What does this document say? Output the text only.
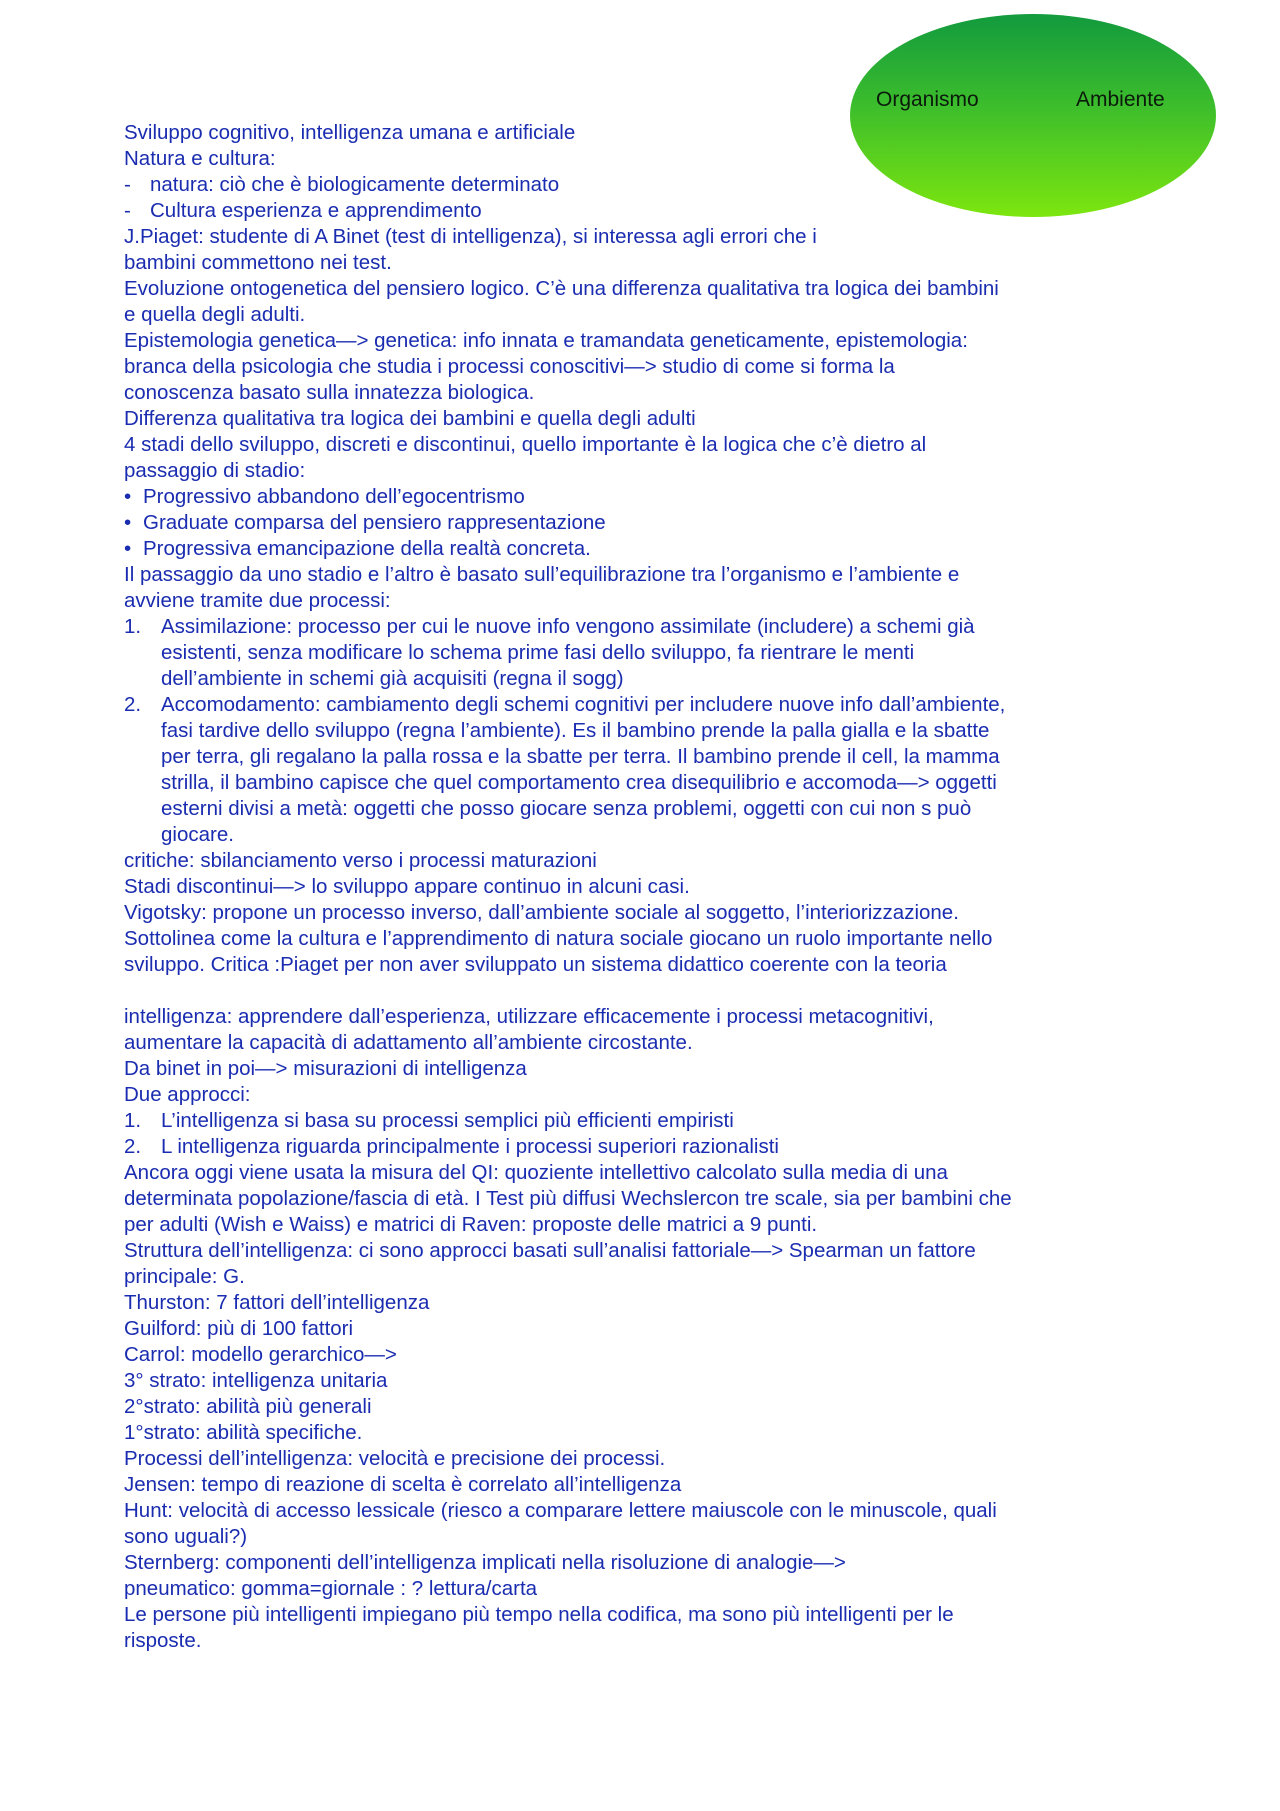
Organismo	Ambiente
Sviluppo cognitivo, intelligenza umana e artificiale
Natura e cultura:
- natura: ciò che è biologicamente determinato
- Cultura esperienza e apprendimento
J.Piaget: studente di A Binet (test di intelligenza), si interessa agli errori che i
bambini commettono nei test.
Evoluzione ontogenetica del pensiero logico. C’è una differenza qualitativa tra logica dei bambini
e quella degli adulti.
Epistemologia genetica—> genetica: info innata e tramandata geneticamente, epistemologia:
branca della psicologia che studia i processi conoscitivi—> studio di come si forma la
conoscenza basato sulla innatezza biologica.
Differenza qualitativa tra logica dei bambini e quella degli adulti
4 stadi dello sviluppo, discreti e discontinui, quello importante è la logica che c’è dietro al
passaggio di stadio:
• Progressivo abbandono dell’egocentrismo
• Graduate comparsa del pensiero rappresentazione
• Progressiva emancipazione della realtà concreta.
Il passaggio da uno stadio e l’altro è basato sull’equilibrazione tra l’organismo e l’ambiente e
avviene tramite due processi:
1. Assimilazione: processo per cui le nuove info vengono assimilate (includere) a schemi già
esistenti, senza modificare lo schema prime fasi dello sviluppo, fa rientrare le menti
dell’ambiente in schemi già acquisiti (regna il sogg)
2. Accomodamento: cambiamento degli schemi cognitivi per includere nuove info dall’ambiente,
fasi tardive dello sviluppo (regna l’ambiente). Es il bambino prende la palla gialla e la sbatte
per terra, gli regalano la palla rossa e la sbatte per terra. Il bambino prende il cell, la mamma
strilla, il bambino capisce che quel comportamento crea disequilibrio e accomoda—> oggetti
esterni divisi a metà: oggetti che posso giocare senza problemi, oggetti con cui non s può
giocare.
critiche: sbilanciamento verso i processi maturazioni
Stadi discontinui—> lo sviluppo appare continuo in alcuni casi.
Vigotsky: propone un processo inverso, dall’ambiente sociale al soggetto, l’interiorizzazione.
Sottolinea come la cultura e l’apprendimento di natura sociale giocano un ruolo importante nello
sviluppo. Critica :Piaget per non aver sviluppato un sistema didattico coerente con la teoria
intelligenza: apprendere dall’esperienza, utilizzare efficacemente i processi metacognitivi,
aumentare la capacità di adattamento all’ambiente circostante.
Da binet in poi—> misurazioni di intelligenza
Due approcci:
1. L’intelligenza si basa su processi semplici più efficienti empiristi
2. L intelligenza riguarda principalmente i processi superiori razionalisti
Ancora oggi viene usata la misura del QI: quoziente intellettivo calcolato sulla media di una
determinata popolazione/fascia di età. I Test più diffusi Wechslercon tre scale, sia per bambini che
per adulti (Wish e Waiss) e matrici di Raven: proposte delle matrici a 9 punti.
Struttura dell’intelligenza: ci sono approcci basati sull’analisi fattoriale—> Spearman un fattore
principale: G.
Thurston: 7 fattori dell’intelligenza
Guilford: più di 100 fattori
Carrol: modello gerarchico—>
3° strato: intelligenza unitaria
2°strato: abilità più generali
1°strato: abilità specifiche.
Processi dell’intelligenza: velocità e precisione dei processi.
Jensen: tempo di reazione di scelta è correlato all’intelligenza
Hunt: velocità di accesso lessicale (riesco a comparare lettere maiuscole con le minuscole, quali
sono uguali?)
Sternberg: componenti dell’intelligenza implicati nella risoluzione di analogie—>
pneumatico: gomma=giornale : ? lettura/carta
Le persone più intelligenti impiegano più tempo nella codifica, ma sono più intelligenti per le
risposte.
